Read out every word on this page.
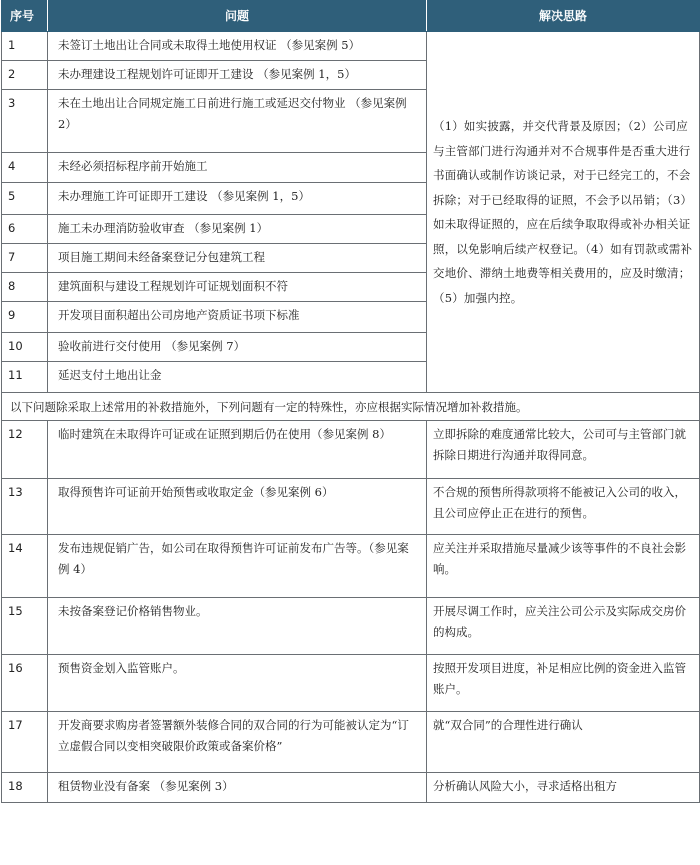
序号	问题	解决思路
1	未签订土地出让合同或未取得土地使用权证 （参见案例 5）	（1）如实披露，并交代背景及原因；（2）公司应与主管部门进行沟通并对不合规事件是否重大进行书面确认或制作访谈记录，对于已经完工的，不会拆除；对于已经取得的证照，不会予以吊销；（3）如未取得证照的，应在后续争取取得或补办相关证照，以免影响后续产权登记。（4）如有罚款或需补交地价、滞纳土地费等相关费用的，应及时缴清；（5）加强内控。
2	未办理建设工程规划许可证即开工建设 （参见案例 1，5）	
3	未在土地出让合同规定施工日前进行施工或延迟交付物业 （参见案例 2）	
4	未经必须招标程序前开始施工	
5	未办理施工许可证即开工建设 （参见案例 1，5）	
6	施工未办理消防验收审查 （参见案例 1）	
7	项目施工期间未经备案登记分包建筑工程	
8	建筑面积与建设工程规划许可证规划面积不符	
9	开发项目面积超出公司房地产资质证书项下标准	
10	验收前进行交付使用 （参见案例 7）	
11	延迟支付土地出让金	
以下问题除采取上述常用的补救措施外，下列问题有一定的特殊性，亦应根据实际情况增加补救措施。		
12	临时建筑在未取得许可证或在证照到期后仍在使用（参见案例 8）	立即拆除的难度通常比较大，公司可与主管部门就拆除日期进行沟通并取得同意。
13	取得预售许可证前开始预售或收取定金（参见案例 6）	不合规的预售所得款项将不能被记入公司的收入，且公司应停止正在进行的预售。
14	发布违规促销广告，如公司在取得预售许可证前发布广告等。（参见案例 4）	应关注并采取措施尽量减少该等事件的不良社会影响。
15	未按备案登记价格销售物业。	开展尽调工作时，应关注公司公示及实际成交房价的构成。
16	预售资金划入监管账户。	按照开发项目进度，补足相应比例的资金进入监管账户。
17	开发商要求购房者签署额外装修合同的双合同的行为可能被认定为“订立虚假合同以变相突破限价政策或备案价格”	就“双合同”的合理性进行确认
18	租赁物业没有备案 （参见案例 3）	分析确认风险大小，寻求适格出租方
